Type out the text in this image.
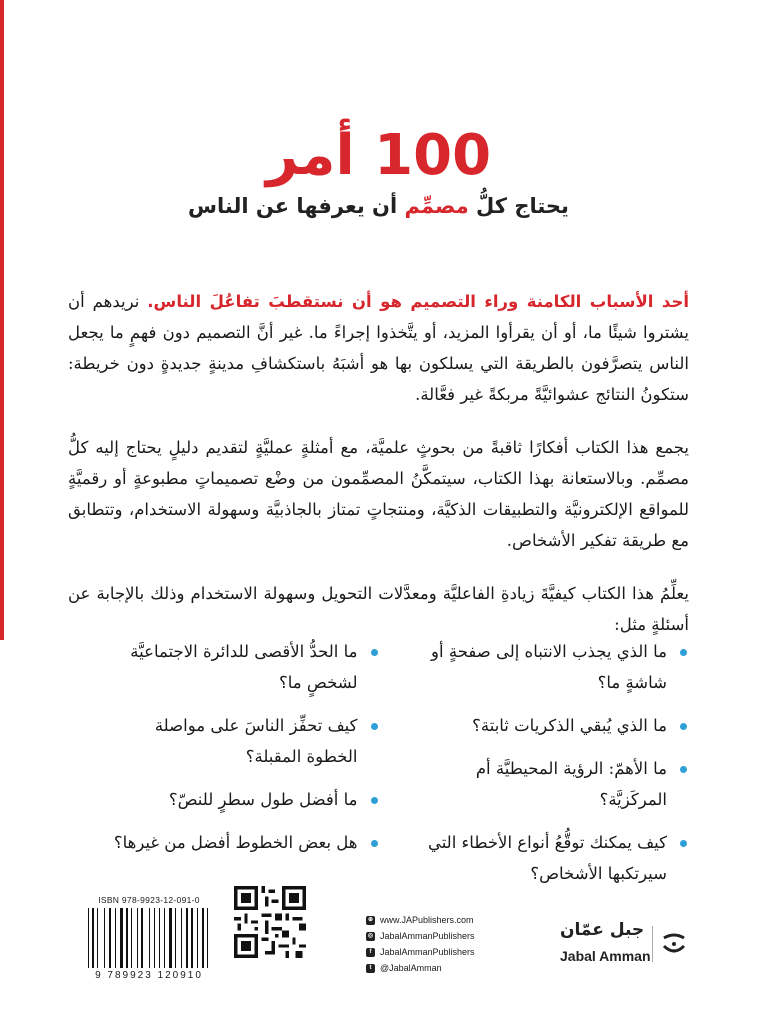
100 أمر
يحتاج كلُّ مصمِّم أن يعرفها عن الناس

أحد الأسباب الكامنة وراء التصميم هو أن نستقطبَ تفاعُلَ الناس. نريدهم أن يشتروا شيئًا ما، أو أن يقرأوا المزيد، أو يتَّخذوا إجراءً ما. غير أنَّ التصميم دون فهمٍ ما يجعل الناس يتصرَّفون بالطريقة التي يسلكون بها هو أشبَهُ باستكشافِ مدينةٍ جديدةٍ دون خريطة: ستكونُ النتائج عشوائيَّةً مربكةً غير فعَّالة.

يجمع هذا الكتاب أفكارًا ثاقبةً من بحوثٍ علميَّة، مع أمثلةٍ عمليَّةٍ لتقديم دليلٍ يحتاج إليه كلُّ مصمِّم. وبالاستعانة بهذا الكتاب، سيتمكَّنُ المصمِّمون من وضْع تصميماتٍ مطبوعةٍ أو رقميَّةٍ للمواقع الإلكترونيَّة والتطبيقات الذكيَّة، ومنتجاتٍ تمتاز بالجاذبيَّة وسهولة الاستخدام، وتتطابق مع طريقة تفكير الأشخاص.

يعلِّمُ هذا الكتاب كيفيَّةَ زيادةِ الفاعليَّة ومعدَّلات التحويل وسهولة الاستخدام وذلك بالإجابة عن أسئلةٍ مثل:

ما الذي يجذب الانتباه إلى صفحةٍ أو شاشةٍ ما؟
ما الذي يُبقي الذكريات ثابتة؟
ما الأهمّ: الرؤية المحيطيَّة أم المركَزيَّة؟
كيف يمكنك توقُّعُ أنواع الأخطاء التي سيرتكبها الأشخاص؟
ما الحدُّ الأقصى للدائرة الاجتماعيَّة لشخصٍ ما؟
كيف تحفِّز الناسَ على مواصلة الخطوة المقبلة؟
ما أفضل طول سطرٍ للنصّ؟
هل بعض الخطوط أفضل من غيرها؟
ISBN 978-9923-12-091-0
9 789923 120910
⊕ www.JAPublishers.com
◎ JabalAmmanPublishers
f JabalAmmanPublishers
t @JabalAmman
جبل عمّان
Jabal Amman
